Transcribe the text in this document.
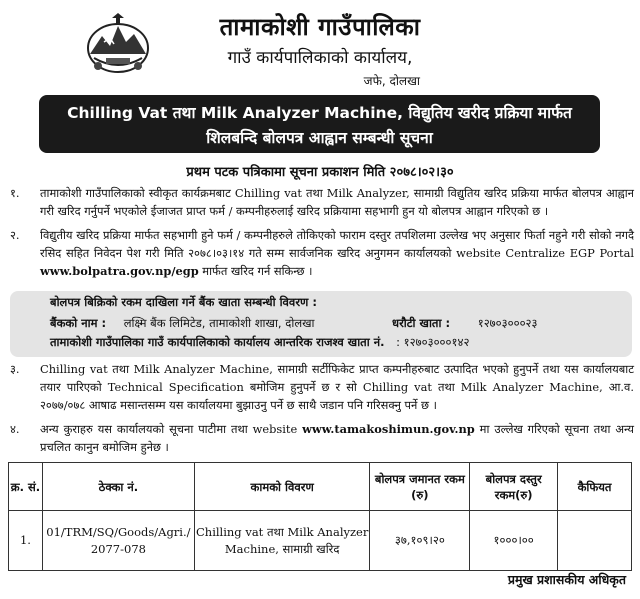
तामाकोशी गाउँपालिका
गाउँ कार्यपालिकाको कार्यालय,
जफे, दोलखा
Chilling Vat तथा Milk Analyzer Machine, विद्युतिय खरीद प्रक्रिया मार्फत
शिलबन्दि बोलपत्र आह्वान सम्बन्धी सूचना
प्रथम पटक पत्रिकामा सूचना प्रकाशन मिति २०७८।०२।३०
१.	तामाकोशी गाउँपालिकाको स्वीकृत कार्यक्रमबाट Chilling vat तथा Milk Analyzer, सामाग्री विद्युतिय खरिद प्रक्रिया मार्फत बोलपत्र आह्वान गरी खरिद गर्नुपर्ने भएकोले ईजाजत प्राप्त फर्म / कम्पनीहरुलाई खरिद प्रक्रियामा सहभागी हुन यो बोलपत्र आह्वान गरिएको छ ।
२.	विद्युतीय खरिद प्रक्रिया मार्फत सहभागी हुने फर्म / कम्पनीहरुले तोकिएको फाराम दस्तुर तपशिलमा उल्लेख भए अनुसार फिर्ता नहुने गरी सोको नगदै रसिद सहित निवेदन पेश गरी मिति २०७८।०३।१४ गते सम्म सार्वजनिक खरिद अनुगमन कार्यालयको website Centralize EGP Portal www.bolpatra.gov.np/egp मार्फत खरिद गर्न सकिन्छ ।
बोलपत्र बिक्रिको रकम दाखिला गर्ने बैंक खाता सम्बन्धी विवरण :
बैंकको नाम : लक्ष्मि बैंक लिमिटेड, तामाकोशी शाखा, दोलखा	धरौटी खाता : १२७०३०००२३
तामाकोशी गाउँपालिका गाउँ कार्यपालिकाको कार्यालय आन्तरिक राजश्व खाता नं. : १२७०३०००१४२
३.	Chilling vat तथा Milk Analyzer Machine, सामाग्री सर्टीफिकेट प्राप्त कम्पनीहरुबाट उत्पादित भएको हुनुपर्ने तथा यस कार्यालयबाट तयार पारिएको Technical Specification बमोजिम हुनुपर्ने छ र सो Chilling vat तथा Milk Analyzer Machine, आ.व. २०७७/०७८ आषाढ मसान्तसम्म यस कार्यालयमा बुझाउनु पर्ने छ साथै जडान पनि गरिसक्नु पर्ने छ ।
४.	अन्य कुराहरु यस कार्यालयको सूचना पाटीमा तथा website www.tamakoshimun.gov.np मा उल्लेख गरिएको सूचना तथा अन्य प्रचलित कानुन बमोजिम हुनेछ ।
क्र. सं.	ठेक्का नं.	कामको विवरण	बोलपत्र जमानत रकम (रु)	बोलपत्र दस्तुर रकम(रु)	कैफियत
1.	01/TRM/SQ/Goods/Agri./ 2077-078	Chilling vat तथा Milk Analyzer Machine, सामाग्री खरिद	३७,१०९।२०	१०००।००	
प्रमुख प्रशासकीय अधिकृत
